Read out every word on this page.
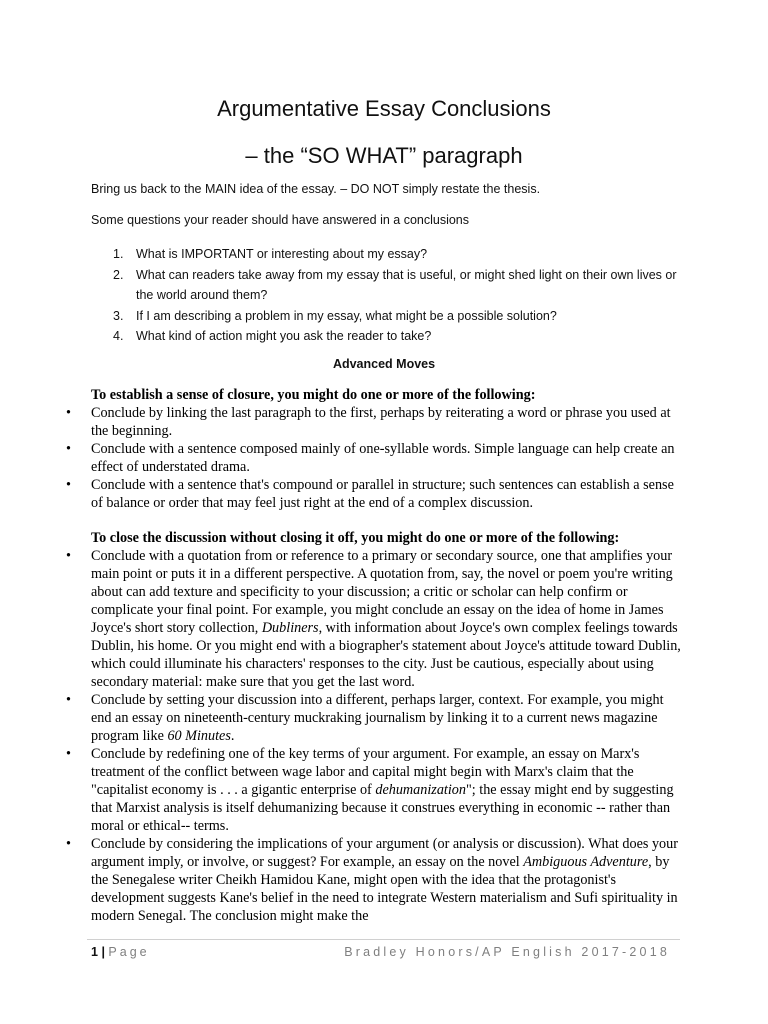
Argumentative Essay Conclusions
– the “SO WHAT” paragraph

Bring us back to the MAIN idea of the essay. – DO NOT simply restate the thesis.

Some questions your reader should have answered in a conclusions

1. What is IMPORTANT or interesting about my essay?
2. What can readers take away from my essay that is useful, or might shed light on their own lives or the world around them?
3. If I am describing a problem in my essay, what might be a possible solution?
4. What kind of action might you ask the reader to take?
Advanced Moves

To establish a sense of closure, you might do one or more of the following:

• Conclude by linking the last paragraph to the first, perhaps by reiterating a word or phrase you used at the beginning.
• Conclude with a sentence composed mainly of one-syllable words. Simple language can help create an effect of understated drama.
• Conclude with a sentence that's compound or parallel in structure; such sentences can establish a sense of balance or order that may feel just right at the end of a complex discussion.

To close the discussion without closing it off, you might do one or more of the following:

• Conclude with a quotation from or reference to a primary or secondary source, one that amplifies your main point or puts it in a different perspective. A quotation from, say, the novel or poem you're writing about can add texture and specificity to your discussion; a critic or scholar can help confirm or complicate your final point. For example, you might conclude an essay on the idea of home in James Joyce's short story collection, Dubliners, with information about Joyce's own complex feelings towards Dublin, his home. Or you might end with a biographer's statement about Joyce's attitude toward Dublin, which could illuminate his characters' responses to the city. Just be cautious, especially about using secondary material: make sure that you get the last word.
• Conclude by setting your discussion into a different, perhaps larger, context. For example, you might end an essay on nineteenth-century muckraking journalism by linking it to a current news magazine program like 60 Minutes.
• Conclude by redefining one of the key terms of your argument. For example, an essay on Marx's treatment of the conflict between wage labor and capital might begin with Marx's claim that the "capitalist economy is . . . a gigantic enterprise of dehumanization"; the essay might end by suggesting that Marxist analysis is itself dehumanizing because it construes everything in economic -- rather than moral or ethical-- terms.
• Conclude by considering the implications of your argument (or analysis or discussion). What does your argument imply, or involve, or suggest? For example, an essay on the novel Ambiguous Adventure, by the Senegalese writer Cheikh Hamidou Kane, might open with the idea that the protagonist's development suggests Kane's belief in the need to integrate Western materialism and Sufi spirituality in modern Senegal. The conclusion might make the
1 | Page	Bradley Honors/AP English 2017-2018
